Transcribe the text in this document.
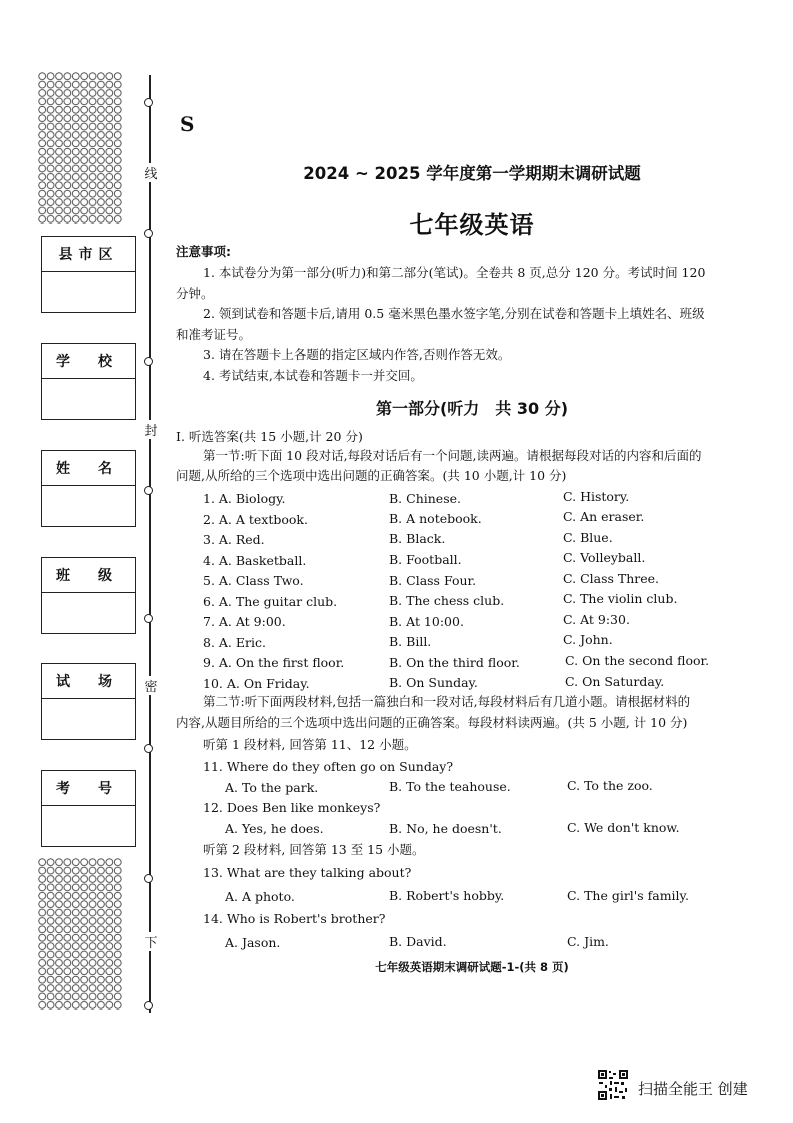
线
封
密
下
县市区
学　　校
姓　　名
班　　级
试　　场
考　　号
S
2024 ~ 2025 学年度第一学期期末调研试题
七年级英语
注意事项:
1. 本试卷分为第一部分(听力)和第二部分(笔试)。全卷共 8 页,总分 120 分。考试时间 120
分钟。
2. 领到试卷和答题卡后,请用 0.5 毫米黑色墨水签字笔,分别在试卷和答题卡上填姓名、班级
和准考证号。
3. 请在答题卡上各题的指定区域内作答,否则作答无效。
4. 考试结束,本试卷和答题卡一并交回。
第一部分(听力　共 30 分)
Ⅰ. 听选答案(共 15 小题,计 20 分)
第一节:听下面 10 段对话,每段对话后有一个问题,读两遍。请根据每段对话的内容和后面的
问题,从所给的三个选项中选出问题的正确答案。(共 10 小题,计 10 分)
1. A. Biology.	B. Chinese.	C. History.
2. A. A textbook.	B. A notebook.	C. An eraser.
3. A. Red.	B. Black.	C. Blue.
4. A. Basketball.	B. Football.	C. Volleyball.
5. A. Class Two.	B. Class Four.	C. Class Three.
6. A. The guitar club.	B. The chess club.	C. The violin club.
7. A. At 9:00.	B. At 10:00.	C. At 9:30.
8. A. Eric.	B. Bill.	C. John.
9. A. On the first floor.	B. On the third floor.	C. On the second floor.
10. A. On Friday.	B. On Sunday.	C. On Saturday.
第二节:听下面两段材料,包括一篇独白和一段对话,每段材料后有几道小题。请根据材料的
内容,从题目所给的三个选项中选出问题的正确答案。每段材料读两遍。(共 5 小题, 计 10 分)
听第 1 段材料, 回答第 11、12 小题。
11. Where do they often go on Sunday?
A. To the park.	B. To the teahouse.	C. To the zoo.
12. Does Ben like monkeys?
A. Yes, he does.	B. No, he doesn't.	C. We don't know.
听第 2 段材料, 回答第 13 至 15 小题。
13. What are they talking about?
A. A photo.	B. Robert's hobby.	C. The girl's family.
14. Who is Robert's brother?
A. Jason.	B. David.	C. Jim.
七年级英语期末调研试题-1-(共 8 页)
扫描全能王 创建
